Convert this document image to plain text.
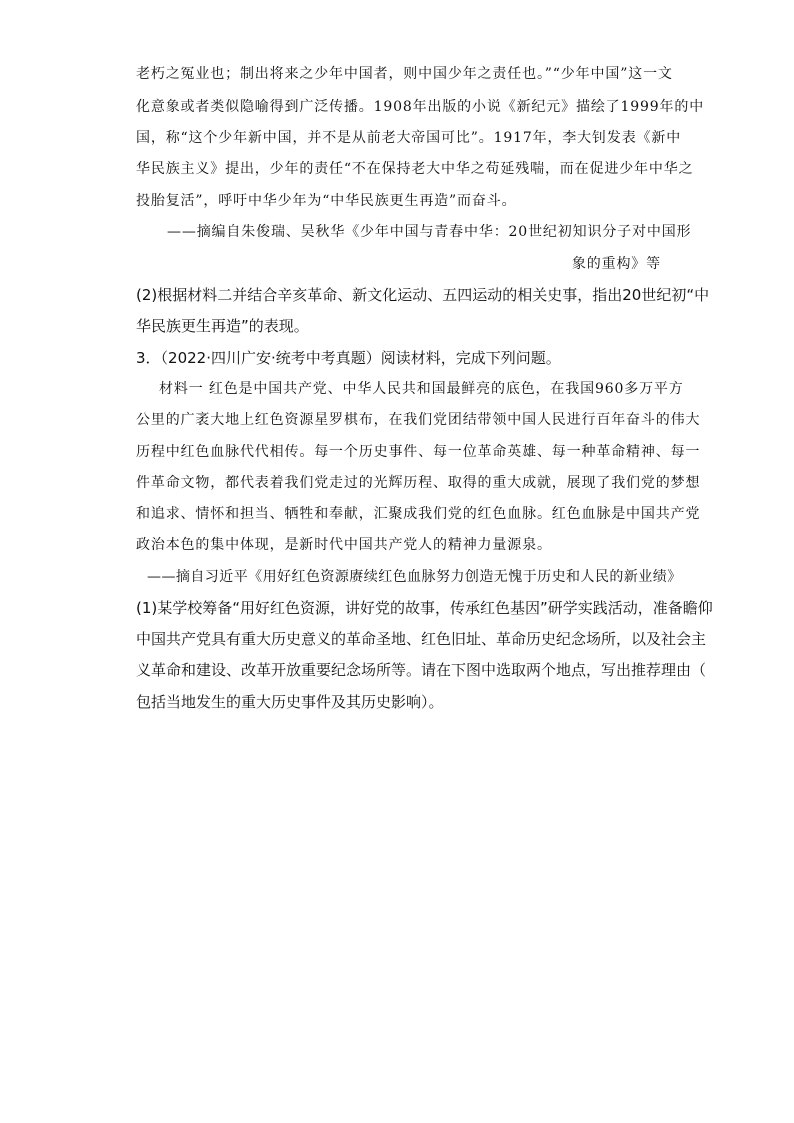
老朽之冤业也；制出将来之少年中国者，则中国少年之责任也。”“少年中国”这一文
化意象或者类似隐喻得到广泛传播。1908年出版的小说《新纪元》描绘了1999年的中
国，称“这个少年新中国，并不是从前老大帝国可比”。1917年，李大钊发表《新中
华民族主义》提出，少年的责任“不在保持老大中华之苟延残喘，而在促进少年中华之
投胎复活”，呼吁中华少年为“中华民族更生再造”而奋斗。
——摘编自朱俊瑞、吴秋华《少年中国与青春中华：20世纪初知识分子对中国形
象的重构》等
(2)根据材料二并结合辛亥革命、新文化运动、五四运动的相关史事，指出20世纪初“中
华民族更生再造”的表现。
3．（2022·四川广安·统考中考真题）阅读材料，完成下列问题。
材料一 红色是中国共产党、中华人民共和国最鲜亮的底色，在我国960多万平方
公里的广袤大地上红色资源星罗棋布，在我们党团结带领中国人民进行百年奋斗的伟大
历程中红色血脉代代相传。每一个历史事件、每一位革命英雄、每一种革命精神、每一
件革命文物，都代表着我们党走过的光辉历程、取得的重大成就，展现了我们党的梦想
和追求、情怀和担当、牺牲和奉献，汇聚成我们党的红色血脉。红色血脉是中国共产党
政治本色的集中体现，是新时代中国共产党人的精神力量源泉。
——摘自习近平《用好红色资源赓续红色血脉努力创造无愧于历史和人民的新业绩》
(1)某学校筹备“用好红色资源，讲好党的故事，传承红色基因”研学实践活动，准备瞻仰
中国共产党具有重大历史意义的革命圣地、红色旧址、革命历史纪念场所，以及社会主
义革命和建设、改革开放重要纪念场所等。请在下图中选取两个地点，写出推荐理由（
包括当地发生的重大历史事件及其历史影响）。
